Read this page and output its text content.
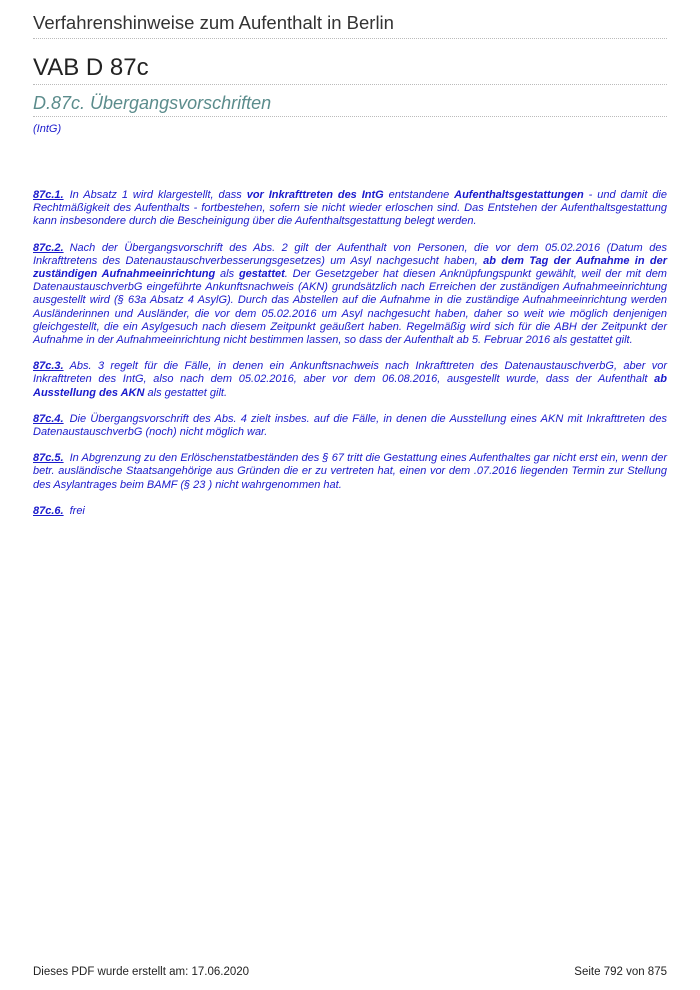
Verfahrenshinweise zum Aufenthalt in Berlin
VAB D 87c
D.87c. Übergangsvorschriften
(IntG)

87c.1. In Absatz 1 wird klargestellt, dass vor Inkrafttreten des IntG entstandene Aufenthaltsgestattungen - und damit die Rechtmäßigkeit des Aufenthalts - fortbestehen, sofern sie nicht wieder erloschen sind. Das Entstehen der Aufenthaltsgestattung kann insbesondere durch die Bescheinigung über die Aufenthaltsgestattung belegt werden.

87c.2. Nach der Übergangsvorschrift des Abs. 2 gilt der Aufenthalt von Personen, die vor dem 05.02.2016 (Datum des Inkrafttretens des Datenaustauschverbesserungsgesetzes) um Asyl nachgesucht haben, ab dem Tag der Aufnahme in der zuständigen Aufnahmeeinrichtung als gestattet. Der Gesetzgeber hat diesen Anknüpfungspunkt gewählt, weil der mit dem DatenaustauschverbG eingeführte Ankunftsnachweis (AKN) grundsätzlich nach Erreichen der zuständigen Aufnahmeeinrichtung ausgestellt wird (§ 63a Absatz 4 AsylG). Durch das Abstellen auf die Aufnahme in die zuständige Aufnahmeeinrichtung werden Ausländerinnen und Ausländer, die vor dem 05.02.2016 um Asyl nachgesucht haben, daher so weit wie möglich denjenigen gleichgestellt, die ein Asylgesuch nach diesem Zeitpunkt geäußert haben. Regelmäßig wird sich für die ABH der Zeitpunkt der Aufnahme in der Aufnahmeeinrichtung nicht bestimmen lassen, so dass der Aufenthalt ab 5. Februar 2016 als gestattet gilt.

87c.3. Abs. 3 regelt für die Fälle, in denen ein Ankunftsnachweis nach Inkrafttreten des DatenaustauschverbG, aber vor Inkrafttreten des IntG, also nach dem 05.02.2016, aber vor dem 06.08.2016, ausgestellt wurde, dass der Aufenthalt ab Ausstellung des AKN als gestattet gilt.

87c.4. Die Übergangsvorschrift des Abs. 4 zielt insbes. auf die Fälle, in denen die Ausstellung eines AKN mit Inkrafttreten des DatenaustauschverbG (noch) nicht möglich war.

87c.5. In Abgrenzung zu den Erlöschenstatbeständen des § 67 tritt die Gestattung eines Aufenthaltes gar nicht erst ein, wenn der betr. ausländische Staatsangehörige aus Gründen die er zu vertreten hat, einen vor dem .07.2016 liegenden Termin zur Stellung des Asylantrages beim BAMF (§ 23 ) nicht wahrgenommen hat.

87c.6. frei

Dieses PDF wurde erstellt am: 17.06.2020	Seite 792 von 875
